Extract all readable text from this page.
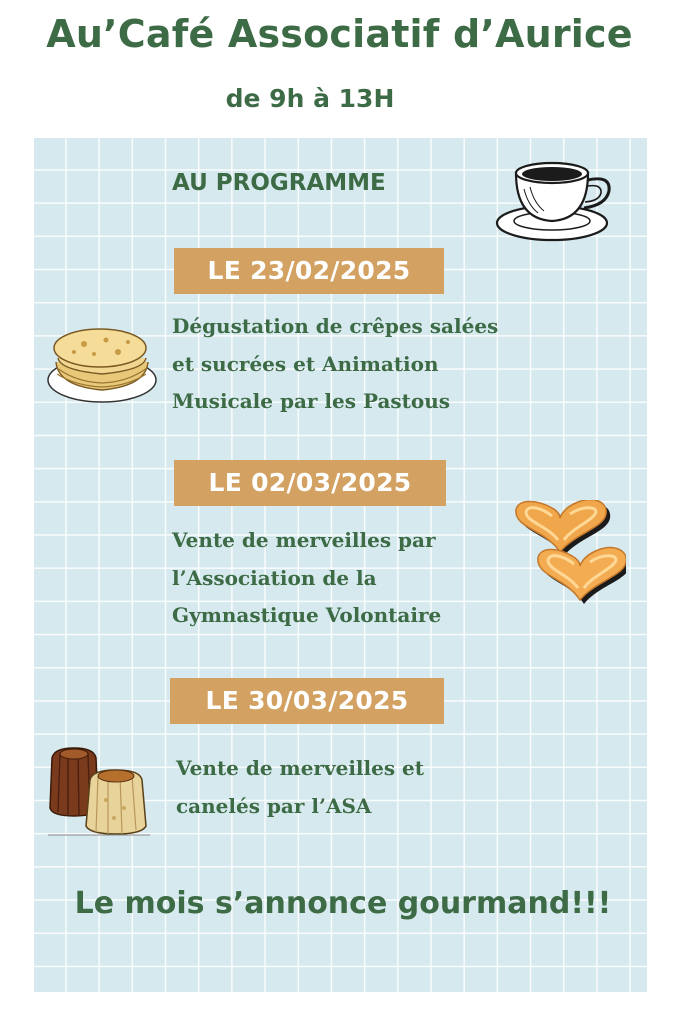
Au’Café Associatif d’Aurice
de 9h à 13H
AU PROGRAMME
LE 23/02/2025
Dégustation de crêpes salées
et sucrées et Animation
Musicale par les Pastous
LE 02/03/2025
Vente de merveilles par
l’Association de la
Gymnastique Volontaire
LE 30/03/2025
Vente de merveilles et
canelés par l’ASA
Le mois s’annonce gourmand!!!
